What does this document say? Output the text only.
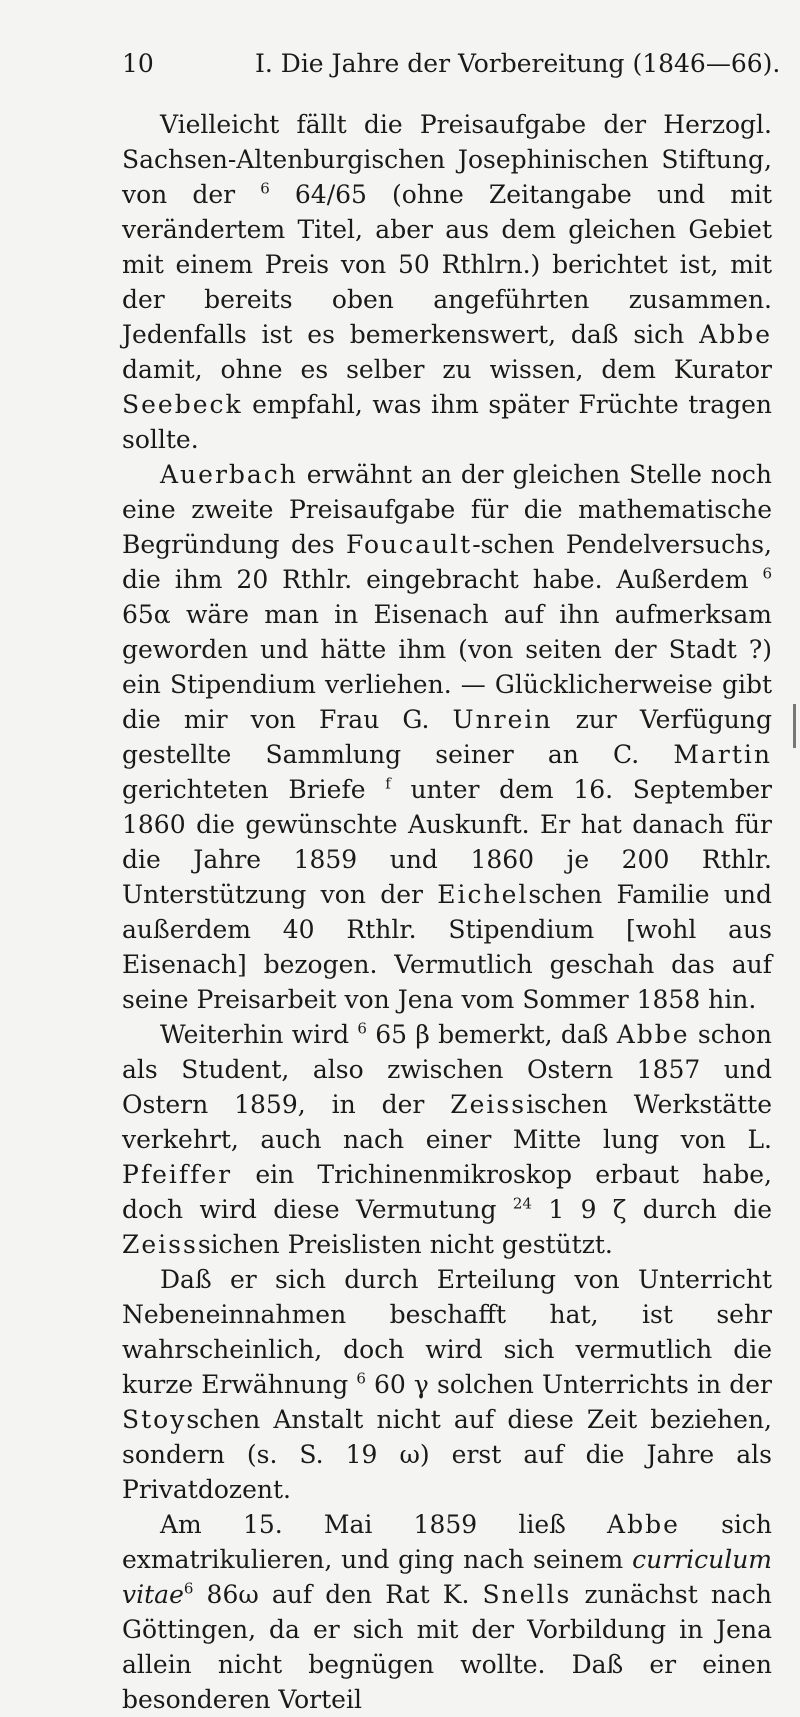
10	I. Die Jahre der Vorbereitung (1846—66).

Vielleicht fällt die Preisaufgabe der Herzogl. Sachsen-Altenburgischen Josephinischen Stiftung, von der $^6$ 64/65 (ohne Zeitangabe und mit verändertem Titel, aber aus dem gleichen Gebiet mit einem Preis von 50 Rthlrn.) berichtet ist, mit der bereits oben angeführten zusammen. Jedenfalls ist es bemerkenswert, daß sich Abbe damit, ohne es selber zu wissen, dem Kurator Seebeck empfahl, was ihm später Früchte tragen sollte.

Auerbach erwähnt an der gleichen Stelle noch eine zweite Preisaufgabe für die mathematische Begründung des Foucault-schen Pendelversuchs, die ihm 20 Rthlr. eingebracht habe. Außerdem $^6$ 65α wäre man in Eisenach auf ihn aufmerksam geworden und hätte ihm (von seiten der Stadt ?) ein Stipendium verliehen. — Glücklicherweise gibt die mir von Frau G. Unrein zur Verfügung gestellte Sammlung seiner an C. Martin gerichteten Briefe $^f$ unter dem 16. September 1860 die gewünschte Auskunft. Er hat danach für die Jahre 1859 und 1860 je 200 Rthlr. Unterstützung von der Eichelschen Familie und außerdem 40 Rthlr. Stipendium [wohl aus Eisenach] bezogen. Vermutlich geschah das auf seine Preisarbeit von Jena vom Sommer 1858 hin.

Weiterhin wird $^6$ 65 β bemerkt, daß Abbe schon als Student, also zwischen Ostern 1857 und Ostern 1859, in der Zeissischen Werkstätte verkehrt, auch nach einer Mitte lung von L. Pfeiffer ein Trichinenmikroskop erbaut habe, doch wird diese Vermutung $^{24}$ 1 9 ζ durch die Zeisssichen Preislisten nicht gestützt.

Daß er sich durch Erteilung von Unterricht Nebeneinnahmen beschafft hat, ist sehr wahrscheinlich, doch wird sich vermutlich die kurze Erwähnung $^6$ 60 γ solchen Unterrichts in der Stoyschen Anstalt nicht auf diese Zeit beziehen, sondern (s. S. 19 ω) erst auf die Jahre als Privatdozent.

Am 15. Mai 1859 ließ Abbe sich exmatrikulieren, und ging nach seinem curriculum vitae$^6$ 86ω auf den Rat K. Snells zunächst nach Göttingen, da er sich mit der Vorbildung in Jena allein nicht begnügen wollte. Daß er einen besonderen Vorteil
